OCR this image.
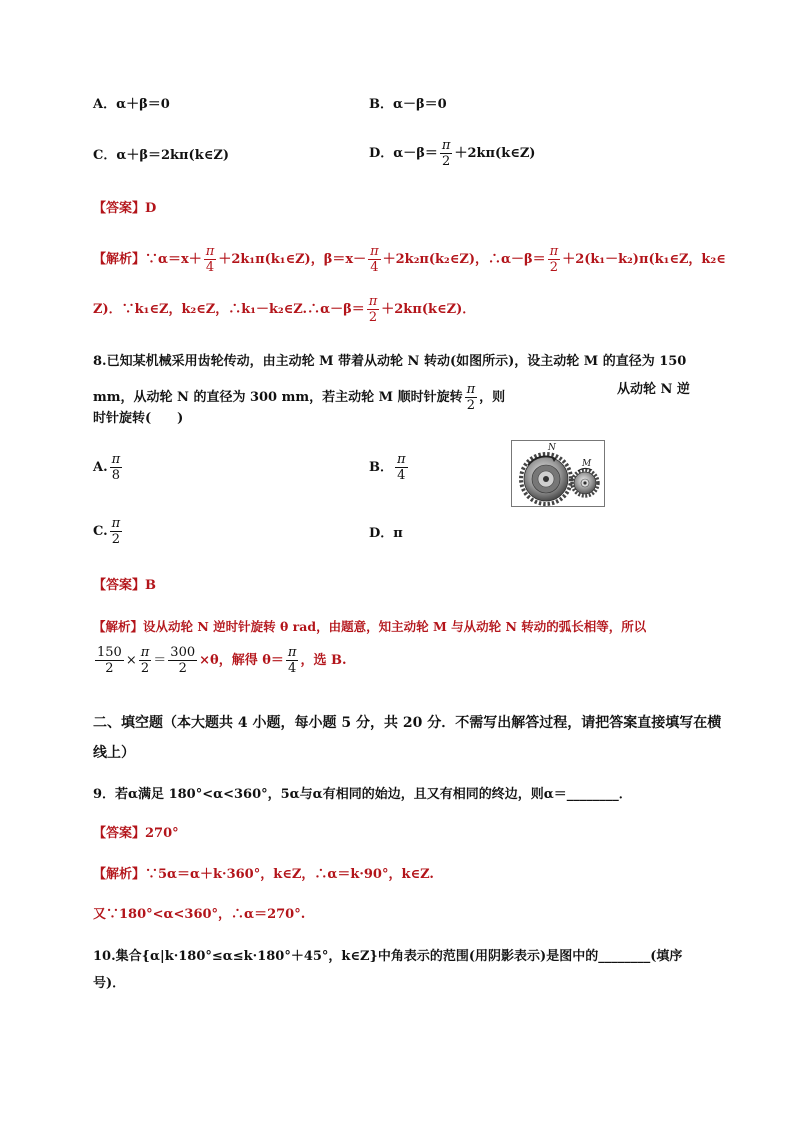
A．α＋β＝0	B．α－β＝0
C．α＋β＝2kπ(k∈Z)	D．$\alpha-\beta= \frac{\pi}{2}$ ＋2kπ(k∈Z)
【答案】D
【解析】∵α＝x＋ $\frac{\pi}{4}$ ＋2k₁π(k₁∈Z)，$\beta=x- \frac{\pi}{4}$ ＋2k₂π(k₂∈Z)，∴α－β＝ $\frac{\pi}{2}$ ＋2(k₁－k₂)π(k₁∈Z，k₂∈
Z)．∵k₁∈Z，k₂∈Z，∴k₁－k₂∈Z.∴α－β＝ $\frac{\pi}{2}$ ＋2kπ(k∈Z)．
8.已知某机械采用齿轮传动，由主动轮 M 带着从动轮 N 转动(如图所示)，设主动轮 M 的直径为 150
mm，从动轮 N 的直径为 300 mm，若主动轮 M 顺时针旋转 $\frac{\pi}{2}$ ，则
从动轮 N 逆
时针旋转(　　)
A. $\frac{\pi}{8}$	B． $\frac{\pi}{4}$
C. $\frac{\pi}{2}$	D．π
N
M
【答案】B
【解析】设从动轮 N 逆时针旋转 θ rad，由题意，知主动轮 M 与从动轮 N 转动的弧长相等，所以
$\frac{150}{2} \times \frac{\pi}{2} = \frac{300}{2} \times\theta$，解得 $\theta= \frac{\pi}{4}$ ，选 B.
二、填空题（本大题共 4 小题，每小题 5 分，共 20 分．不需写出解答过程，请把答案直接填写在横
线上）
9．若α满足 180°<α<360°，5α与α有相同的始边，且又有相同的终边，则α＝________．
【答案】270°
【解析】∵5α＝α＋k·360°，k∈Z，∴α＝k·90°，k∈Z.
又∵180°<α<360°，∴α＝270°.
10.集合{α|k·180°≤α≤k·180°＋45°，k∈Z}中角表示的范围(用阴影表示)是图中的________(填序
号)．
